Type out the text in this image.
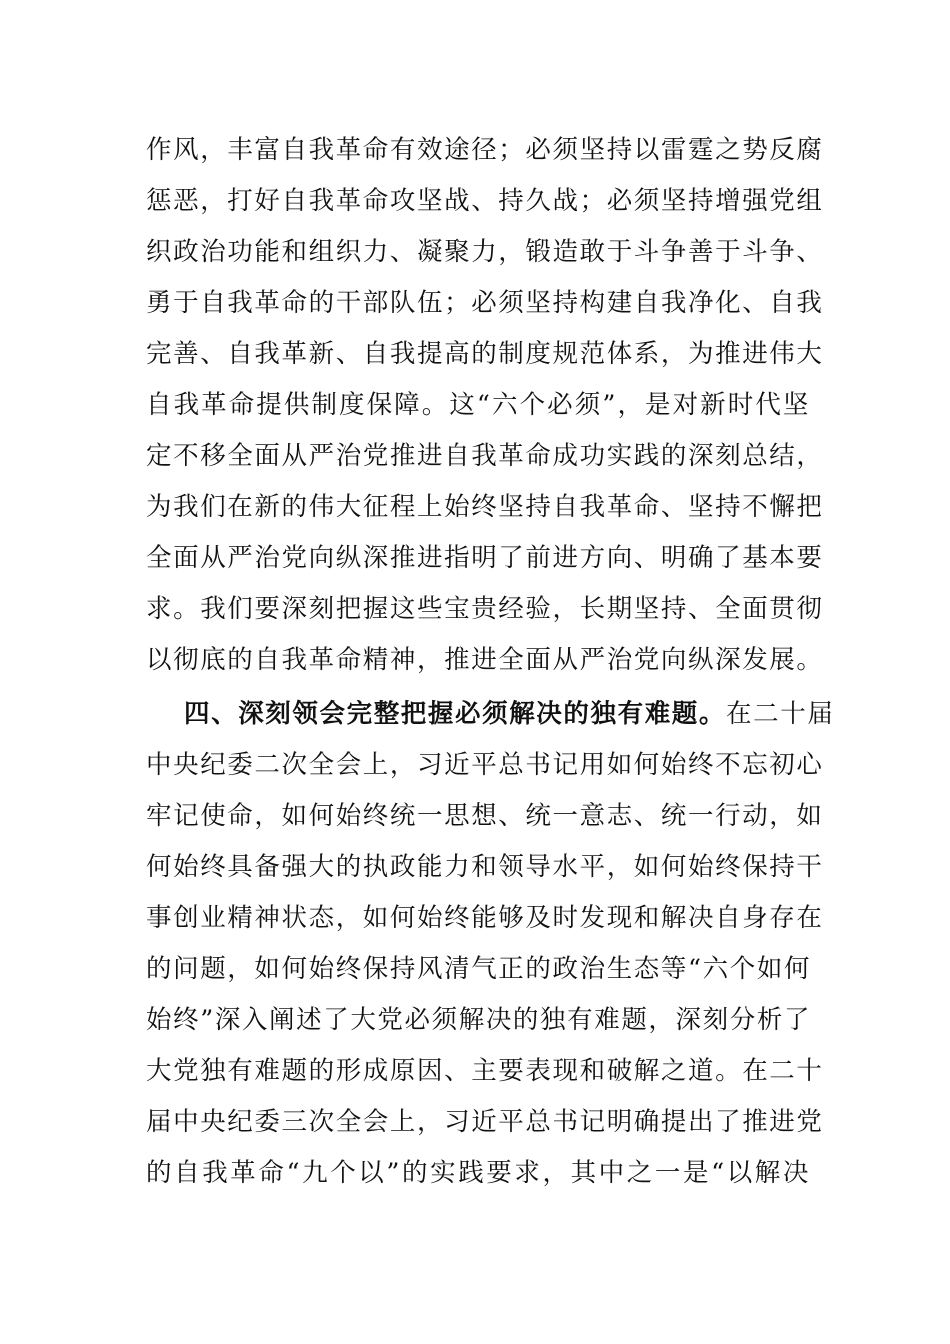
作风，丰富自我革命有效途径；必须坚持以雷霆之势反腐
惩恶，打好自我革命攻坚战、持久战；必须坚持增强党组
织政治功能和组织力、凝聚力，锻造敢于斗争善于斗争、
勇于自我革命的干部队伍；必须坚持构建自我净化、自我
完善、自我革新、自我提高的制度规范体系，为推进伟大
自我革命提供制度保障。这“六个必须”，是对新时代坚
定不移全面从严治党推进自我革命成功实践的深刻总结，
为我们在新的伟大征程上始终坚持自我革命、坚持不懈把
全面从严治党向纵深推进指明了前进方向、明确了基本要
求。我们要深刻把握这些宝贵经验，长期坚持、全面贯彻
以彻底的自我革命精神，推进全面从严治党向纵深发展。
四、深刻领会完整把握必须解决的独有难题。 在二十届
中央纪委二次全会上，习近平总书记用如何始终不忘初心
牢记使命，如何始终统一思想、统一意志、统一行动，如
何始终具备强大的执政能力和领导水平，如何始终保持干
事创业精神状态，如何始终能够及时发现和解决自身存在
的问题，如何始终保持风清气正的政治生态等“六个如何
始终”深入阐述了大党必须解决的独有难题，深刻分析了
大党独有难题的形成原因、主要表现和破解之道。在二十
届中央纪委三次全会上，习近平总书记明确提出了推进党
的自我革命“九个以”的实践要求，其中之一是“以解决
